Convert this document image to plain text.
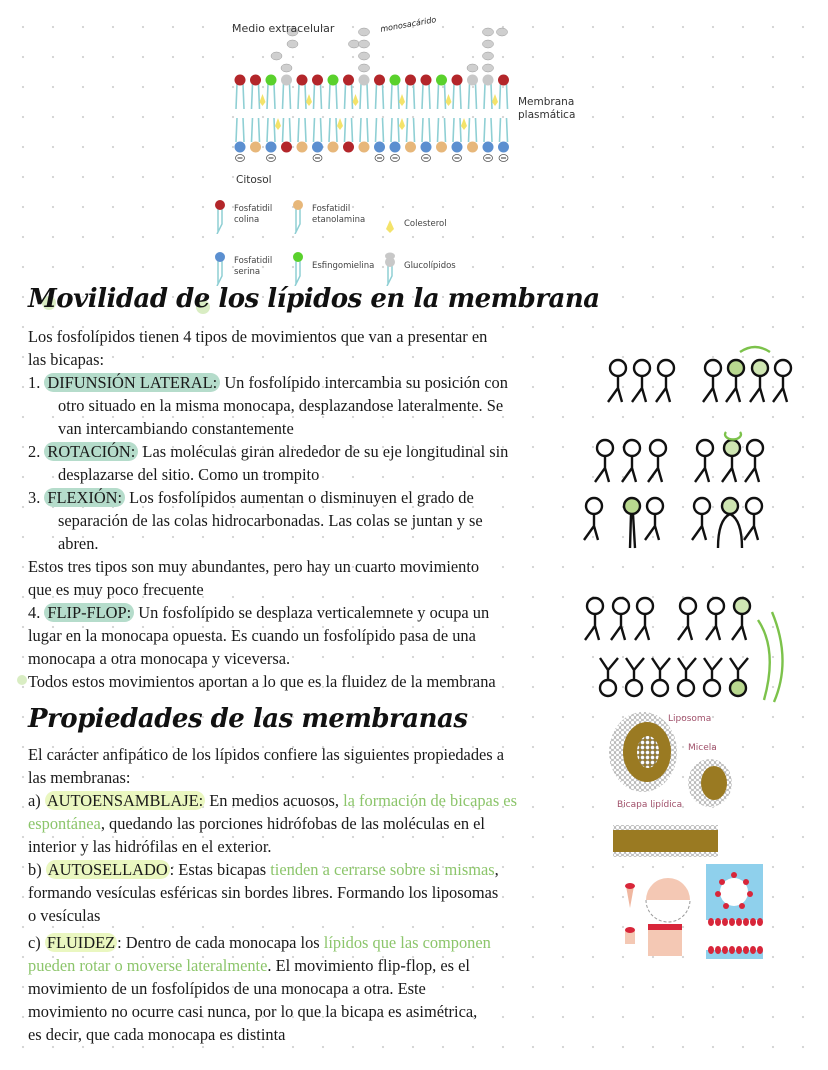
Medio extracelular	monosacárido
Membrana
plasmática
Citosol
Fosfatidil
colina
Fosfatidil
etanolamina	Colesterol
Fosfatidil
serina
Esfingomielina	Glucolípidos
Movilidad de los lípidos en la membrana
Los fosfolípidos tienen 4 tipos de movimientos que van a presentar en
las bicapas:
1. DIFUNSIÓN LATERAL: Un fosfolípido intercambia su posición con
otro situado en la misma monocapa, desplazandose lateralmente. Se
van intercambiando constantemente
2. ROTACIÓN: Las moléculas giran alrededor de su eje longitudinal sin
desplazarse del sitio. Como un trompito
3. FLEXIÓN: Los fosfolípidos aumentan o disminuyen el grado de
separación de las colas hidrocarbonadas. Las colas se juntan y se
abren.
Estos tres tipos son muy abundantes, pero hay un cuarto movimiento
que es muy poco frecuente
4. FLIP-FLOP: Un fosfolípido se desplaza verticalemnete y ocupa un
lugar en la monocapa opuesta. Es cuando un fosfolípido pasa de una
monocapa a otra monocapa y viceversa.
Todos estos movimientos aportan a lo que es la fluidez de la membrana
Propiedades de las membranas
El carácter anfipático de los lípidos confiere las siguientes propiedades a
las membranas:
a) AUTOENSAMBLAJE: En medios acuosos, la formación de bicapas es
espontánea, quedando las porciones hidrófobas de las moléculas en el
interior y las hidrófilas en el exterior.
b) AUTOSELLADO : Estas bicapas tienden a cerrarse sobre si mismas,
formando vesículas esféricas sin bordes libres. Formando los liposomas
o vesículas
c) FLUIDEZ : Dentro de cada monocapa los lípidos que las componen
pueden rotar o moverse lateralmente. El movimiento flip-flop, es el
movimiento de un fosfolípidos de una monocapa a otra. Este
movimiento no ocurre casi nunca, por lo que la bicapa es asimétrica,
es decir, que cada monocapa es distinta
Liposoma
Micela
Bicapa lipídica
